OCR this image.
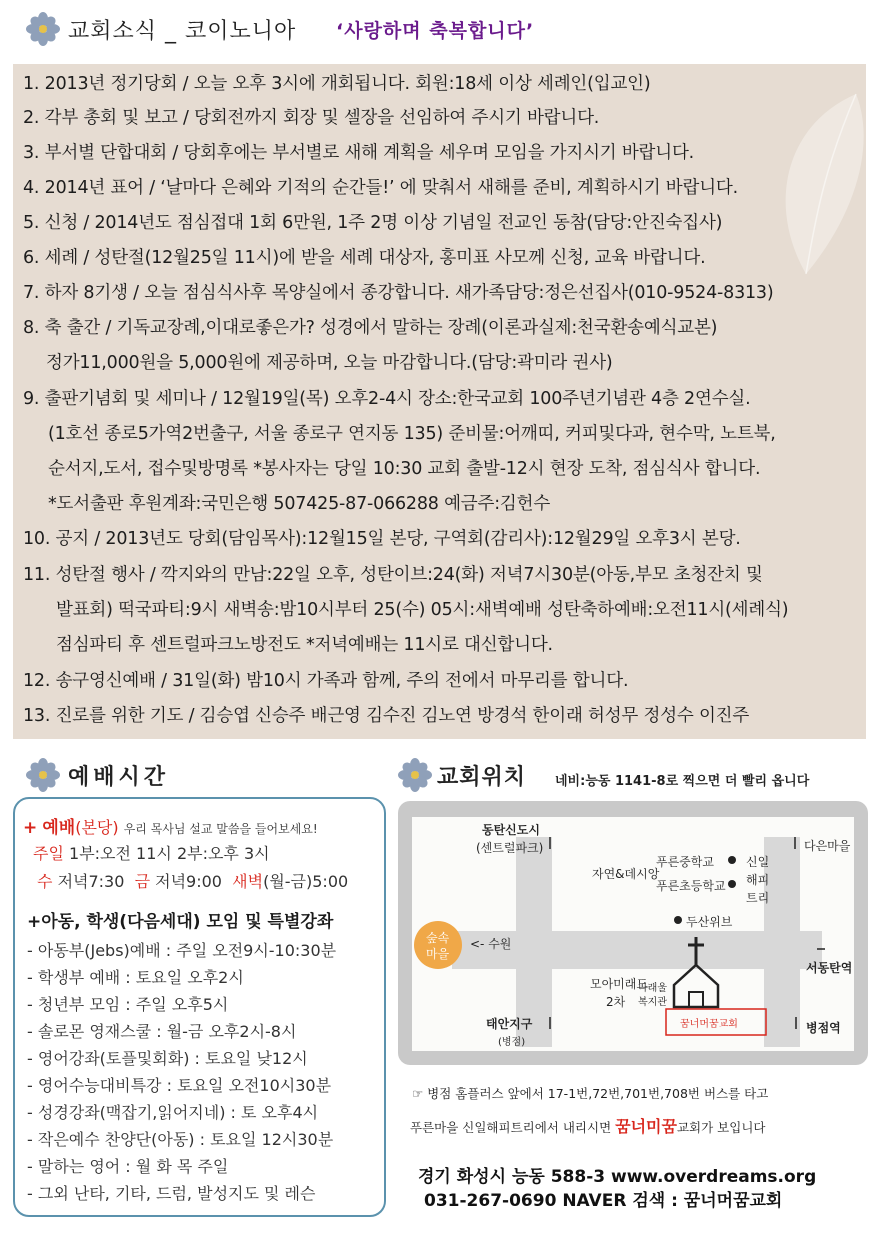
교회소식 _ 코이노니아 ‘사랑하며 축복합니다’
1. 2013년 정기당회 / 오늘 오후 3시에 개회됩니다. 회원:18세 이상 세례인(입교인)
2. 각부 총회 및 보고 / 당회전까지 회장 및 셀장을 선임하여 주시기 바랍니다.
3. 부서별 단합대회 / 당회후에는 부서별로 새해 계획을 세우며 모임을 가지시기 바랍니다.
4. 2014년 표어 / ‘날마다 은혜와 기적의 순간들!’ 에 맞춰서 새해를 준비, 계획하시기 바랍니다.
5. 신청 / 2014년도 점심접대 1회 6만원, 1주 2명 이상 기념일 전교인 동참(담당:안진숙집사)
6. 세례 / 성탄절(12월25일 11시)에 받을 세례 대상자, 홍미표 사모께 신청, 교육 바랍니다.
7. 하자 8기생 / 오늘 점심식사후 목양실에서 종강합니다. 새가족담당:정은선집사(010-9524-8313)
8. 축 출간 / 기독교장례,이대로좋은가? 성경에서 말하는 장례(이론과실제:천국환송예식교본)
정가11,000원을 5,000원에 제공하며, 오늘 마감합니다.(담당:곽미라 권사)
9. 출판기념회 및 세미나 / 12월19일(목) 오후2-4시 장소:한국교회 100주년기념관 4층 2연수실.
(1호선 종로5가역2번출구, 서울 종로구 연지동 135) 준비물:어깨띠, 커피및다과, 현수막, 노트북,
순서지,도서, 접수및방명록 *봉사자는 당일 10:30 교회 출발-12시 현장 도착, 점심식사 합니다.
*도서출판 후원계좌:국민은행 507425-87-066288 예금주:김헌수
10. 공지 / 2013년도 당회(담임목사):12월15일 본당, 구역회(감리사):12월29일 오후3시 본당.
11. 성탄절 행사 / 깍지와의 만남:22일 오후, 성탄이브:24(화) 저녁7시30분(아동,부모 초청잔치 및
발표회) 떡국파티:9시 새벽송:밤10시부터 25(수) 05시:새벽예배 성탄축하예배:오전11시(세례식)
점심파티 후 센트럴파크노방전도 *저녁예배는 11시로 대신합니다.
12. 송구영신예배 / 31일(화) 밤10시 가족과 함께, 주의 전에서 마무리를 합니다.
13. 진로를 위한 기도 / 김승엽 신승주 배근영 김수진 김노연 방경석 한이래 허성무 정성수 이진주
예배시간
+ 예배(본당) 우리 목사님 설교 말씀을 들어보세요!
주일 1부:오전 11시 2부:오후 3시
수 저녁7:30 금 저녁9:00 새벽(월-금)5:00
+아동, 학생(다음세대) 모임 및 특별강좌
- 아동부(Jebs)예배 : 주일 오전9시-10:30분
- 학생부 예배 : 토요일 오후2시
- 청년부 모임 : 주일 오후5시
- 솔로몬 영재스쿨 : 월-금 오후2시-8시
- 영어강좌(토플및회화) : 토요일 낮12시
- 영어수능대비특강 : 토요일 오전10시30분
- 성경강좌(맥잡기,읽어지네) : 토 오후4시
- 작은예수 찬양단(아동) : 토요일 12시30분
- 말하는 영어 : 월 화 목 주일
- 그외 난타, 기타, 드럼, 발성지도 및 레슨
교회위치 네비:능동 1141-8로 찍으면 더 빨리 옵니다
동탄신도시
(센트럴파크)
자연&데시앙
푸른중학교
푸른초등학교
신일
해피
트리
다은마을
두산위브
<- 수원
서동탄역
숲속
마을
모아미래도
2차
나래울
복지관
꿈너머꿈교회
태안지구
(병점)
병점역
☞ 병점 홈플러스 앞에서 17-1번,72번,701번,708번 버스를 타고
푸른마을 신일해피트리에서 내리시면 꿈너미꿈교회가 보입니다
경기 화성시 능동 588-3 www.overdreams.org
031-267-0690 NAVER 검색 : 꿈너머꿈교회
